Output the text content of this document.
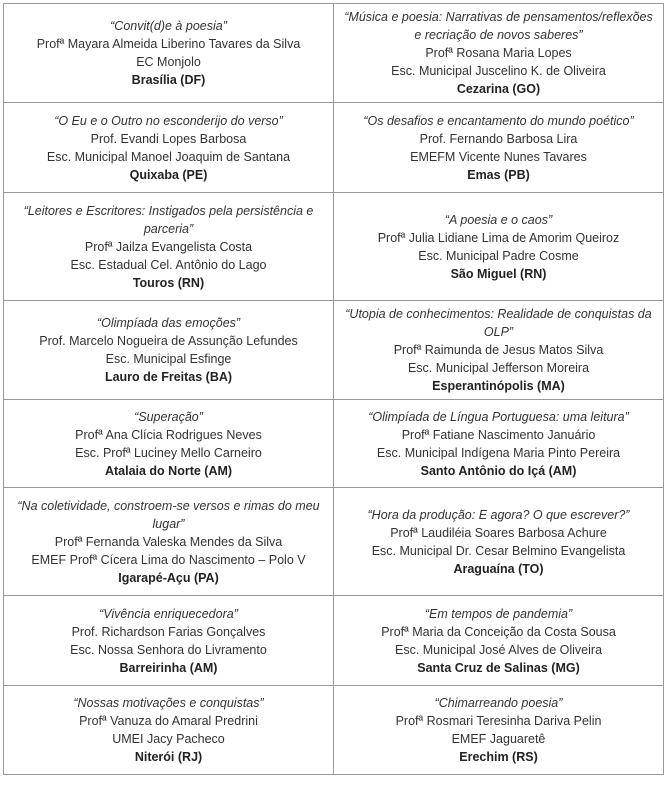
“Convit(d)e à poesia”
Profª Mayara Almeida Liberino Tavares da Silva
EC Monjolo
Brasília (DF)	“Música e poesia: Narrativas de pensamentos/reflexões e recriação de novos saberes”
Profª Rosana Maria Lopes
Esc. Municipal Juscelino K. de Oliveira
Cezarina (GO)

“O Eu e o Outro no esconderijo do verso”
Prof. Evandi Lopes Barbosa
Esc. Municipal Manoel Joaquim de Santana
Quixaba (PE)	“Os desafios e encantamento do mundo poético”
Prof. Fernando Barbosa Lira
EMEFM Vicente Nunes Tavares
Emas (PB)

“Leitores e Escritores: Instigados pela persistência e parceria”
Profª Jailza Evangelista Costa
Esc. Estadual Cel. Antônio do Lago
Touros (RN)	“A poesia e o caos”
Profª Julia Lidiane Lima de Amorim Queiroz
Esc. Municipal Padre Cosme
São Miguel (RN)

“Olimpíada das emoções”
Prof. Marcelo Nogueira de Assunção Lefundes
Esc. Municipal Esfinge
Lauro de Freitas (BA)	“Utopia de conhecimentos: Realidade de conquistas da OLP”
Profª Raimunda de Jesus Matos Silva
Esc. Municipal Jefferson Moreira
Esperantinópolis (MA)

“Superação”
Profª Ana Clícia Rodrigues Neves
Esc. Profª Luciney Mello Carneiro
Atalaia do Norte (AM)	“Olimpíada de Língua Portuguesa: uma leitura”
Profª Fatiane Nascimento Januário
Esc. Municipal Indígena Maria Pinto Pereira
Santo Antônio do Içá (AM)

“Na coletividade, constroem-se versos e rimas do meu lugar”
Profª Fernanda Valeska Mendes da Silva
EMEF Profª Cícera Lima do Nascimento – Polo V
Igarapé-Açu (PA)	“Hora da produção: E agora? O que escrever?”
Profª Laudiléia Soares Barbosa Achure
Esc. Municipal Dr. Cesar Belmino Evangelista
Araguaína (TO)

“Vivência enriquecedora”
Prof. Richardson Farias Gonçalves
Esc. Nossa Senhora do Livramento
Barreirinha (AM)	“Em tempos de pandemia”
Profª Maria da Conceição da Costa Sousa
Esc. Municipal José Alves de Oliveira
Santa Cruz de Salinas (MG)

“Nossas motivações e conquistas”
Profª Vanuza do Amaral Predrini
UMEI Jacy Pacheco
Niterói (RJ)	“Chimarreando poesia”
Profª Rosmari Teresinha Dariva Pelin
EMEF Jaguaretê
Erechim (RS)
